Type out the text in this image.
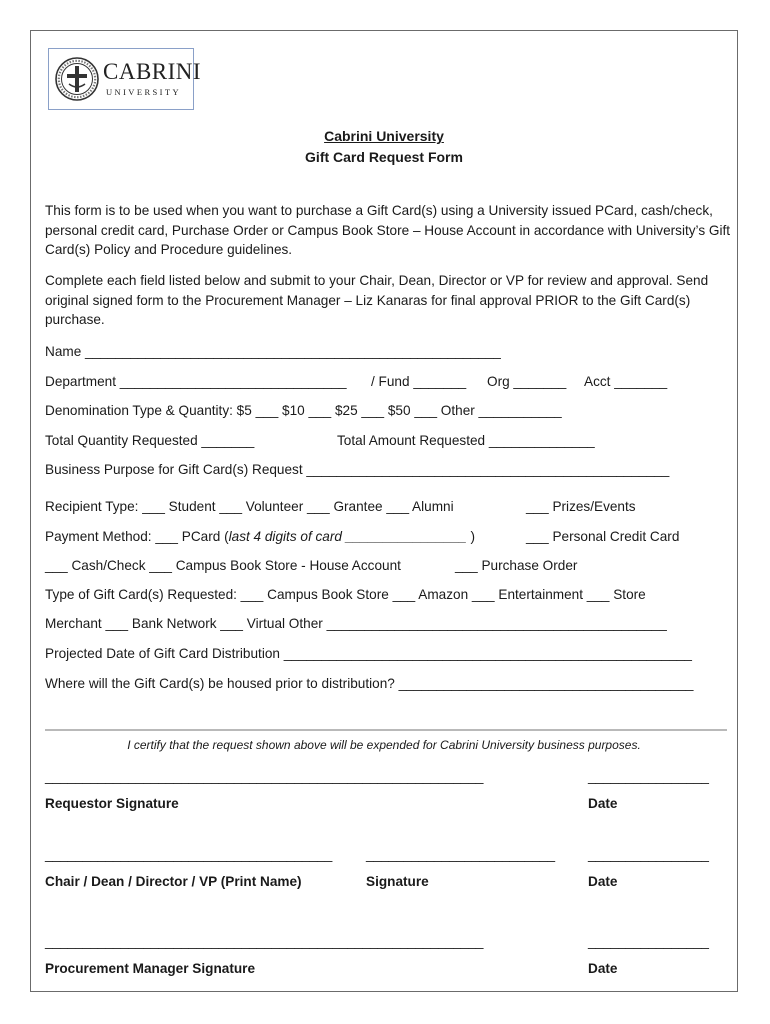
CABRINI
UNIVERSITY
Cabrini University
Gift Card Request Form
This form is to be used when you want to purchase a Gift Card(s) using a University issued PCard, cash/check, personal credit card, Purchase Order or Campus Book Store – House Account in accordance with University’s Gift Card(s) Policy and Procedure guidelines.
Complete each field listed below and submit to your Chair, Dean, Director or VP for review and approval. Send original signed form to the Procurement Manager – Liz Kanaras for final approval PRIOR to the Gift Card(s) purchase.
Name _______________________________________________________
Department ______________________________ / Fund _______ Org _______ Acct _______
Denomination Type & Quantity: $5 ___ $10 ___ $25 ___ $50 ___ Other ___________
Total Quantity Requested _______	Total Amount Requested ______________
Business Purpose for Gift Card(s) Request ________________________________________________
Recipient Type: ___ Student ___ Volunteer ___ Grantee ___ Alumni	___ Prizes/Events
Payment Method: ___ PCard (last 4 digits of card ________________ )	___ Personal Credit Card
___ Cash/Check ___ Campus Book Store - House Account	___ Purchase Order
Type of Gift Card(s) Requested: ___ Campus Book Store ___ Amazon ___ Entertainment ___ Store
Merchant ___ Bank Network ___ Virtual Other _____________________________________________
Projected Date of Gift Card Distribution ______________________________________________________
Where will the Gift Card(s) be housed prior to distribution? _______________________________________
I certify that the request shown above will be expended for Cabrini University business purposes.
__________________________________________________________	________________
Requestor Signature	Date
______________________________________ _________________________ ________________
Chair / Dean / Director / VP (Print Name)	Signature	Date
__________________________________________________________	________________
Procurement Manager Signature	Date
